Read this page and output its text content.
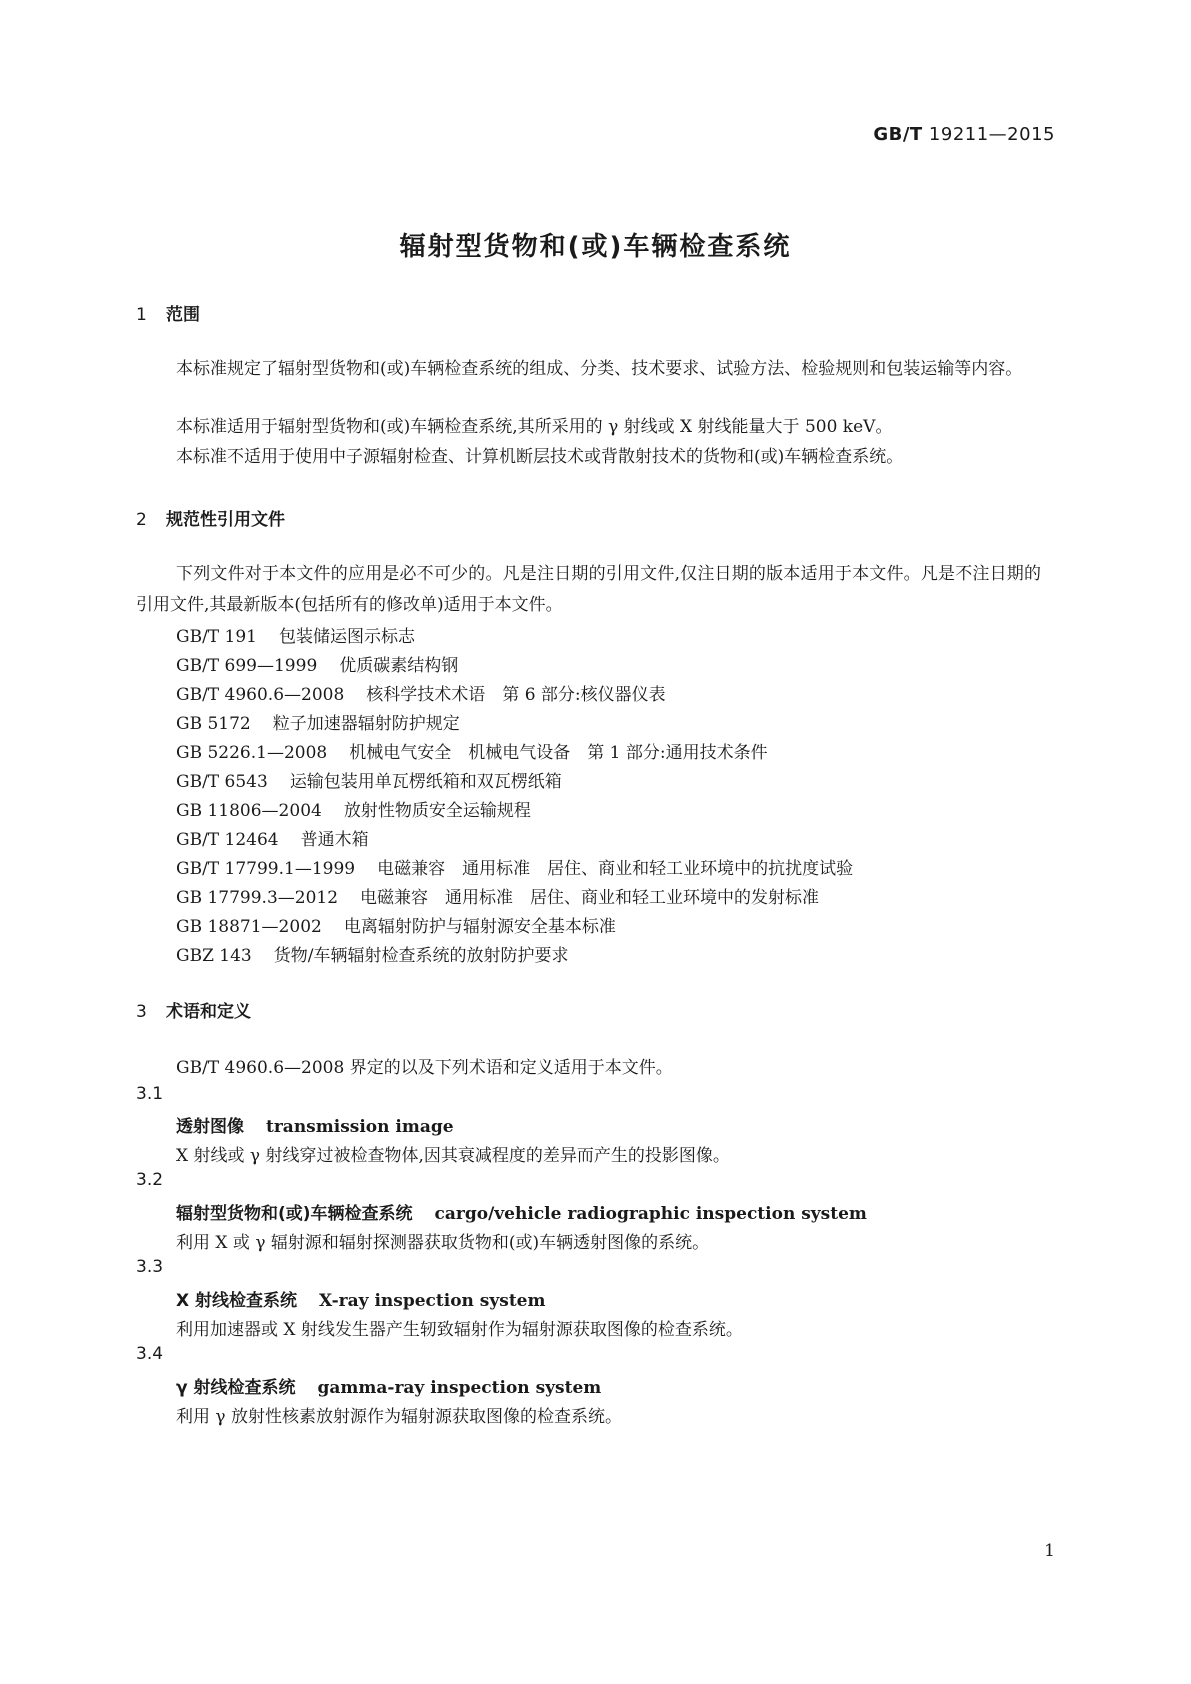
GB/T 19211—2015
辐射型货物和(或)车辆检查系统
1 范围

本标准规定了辐射型货物和(或)车辆检查系统的组成、分类、技术要求、试验方法、检验规则和包装运输等内容。

本标准适用于辐射型货物和(或)车辆检查系统,其所采用的 γ 射线或 X 射线能量大于 500 keV。

本标准不适用于使用中子源辐射检查、计算机断层技术或背散射技术的货物和(或)车辆检查系统。

2 规范性引用文件

下列文件对于本文件的应用是必不可少的。凡是注日期的引用文件,仅注日期的版本适用于本文件。凡是不注日期的引用文件,其最新版本(包括所有的修改单)适用于本文件。

GB/T 191 包装储运图示标志

GB/T 699—1999 优质碳素结构钢

GB/T 4960.6—2008 核科学技术术语　第 6 部分:核仪器仪表

GB 5172 粒子加速器辐射防护规定

GB 5226.1—2008 机械电气安全　机械电气设备　第 1 部分:通用技术条件

GB/T 6543 运输包装用单瓦楞纸箱和双瓦楞纸箱

GB 11806—2004 放射性物质安全运输规程

GB/T 12464 普通木箱

GB/T 17799.1—1999 电磁兼容　通用标准　居住、商业和轻工业环境中的抗扰度试验

GB 17799.3—2012 电磁兼容　通用标准　居住、商业和轻工业环境中的发射标准

GB 18871—2002 电离辐射防护与辐射源安全基本标准

GBZ 143 货物/车辆辐射检查系统的放射防护要求

3 术语和定义

GB/T 4960.6—2008 界定的以及下列术语和定义适用于本文件。

3.1

透射图像 transmission image

X 射线或 γ 射线穿过被检查物体,因其衰减程度的差异而产生的投影图像。

3.2

辐射型货物和(或)车辆检查系统 cargo/vehicle radiographic inspection system

利用 X 或 γ 辐射源和辐射探测器获取货物和(或)车辆透射图像的系统。

3.3

X 射线检查系统 X-ray inspection system

利用加速器或 X 射线发生器产生轫致辐射作为辐射源获取图像的检查系统。

3.4

γ 射线检查系统 gamma-ray inspection system

利用 γ 放射性核素放射源作为辐射源获取图像的检查系统。

1
